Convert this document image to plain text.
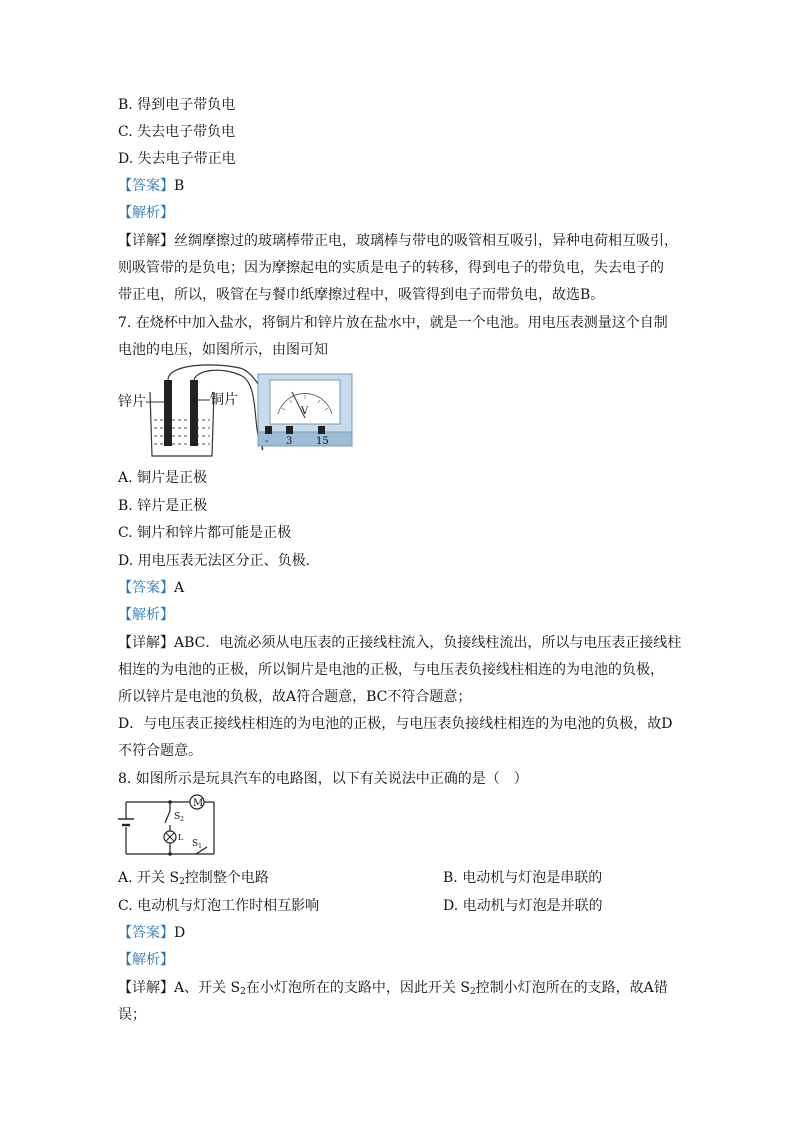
B. 得到电子带负电
C. 失去电子带负电
D. 失去电子带正电
【答案】B
【解析】
【详解】丝绸摩擦过的玻璃棒带正电，玻璃棒与带电的吸管相互吸引，异种电荷相互吸引，
则吸管带的是负电；因为摩擦起电的实质是电子的转移，得到电子的带负电，失去电子的
带正电，所以，吸管在与餐巾纸摩擦过程中，吸管得到电子而带负电，故选B。
7. 在烧杯中加入盐水，将铜片和锌片放在盐水中，就是一个电池。用电压表测量这个自制
电池的电压，如图所示，由图可知
锌片	铜片
V
- 3 15
A. 铜片是正极
B. 锌片是正极
C. 铜片和锌片都可能是正极
D. 用电压表无法区分正、负极.
【答案】A
【解析】
【详解】ABC．电流必须从电压表的正接线柱流入，负接线柱流出，所以与电压表正接线柱
相连的为电池的正极，所以铜片是电池的正极，与电压表负接线柱相连的为电池的负极，
所以锌片是电池的负极，故A符合题意，BC不符合题意；
D．与电压表正接线柱相连的为电池的正极，与电压表负接线柱相连的为电池的负极，故D
不符合题意。
8. 如图所示是玩具汽车的电路图，以下有关说法中正确的是（　）
M
$S_2$
L
$S_1$
A. 开关 $S_2$控制整个电路	B. 电动机与灯泡是串联的
C. 电动机与灯泡工作时相互影响	D. 电动机与灯泡是并联的
【答案】D
【解析】
【详解】A、开关 $S_2$在小灯泡所在的支路中，因此开关 $S_2$控制小灯泡所在的支路，故A错
误；
